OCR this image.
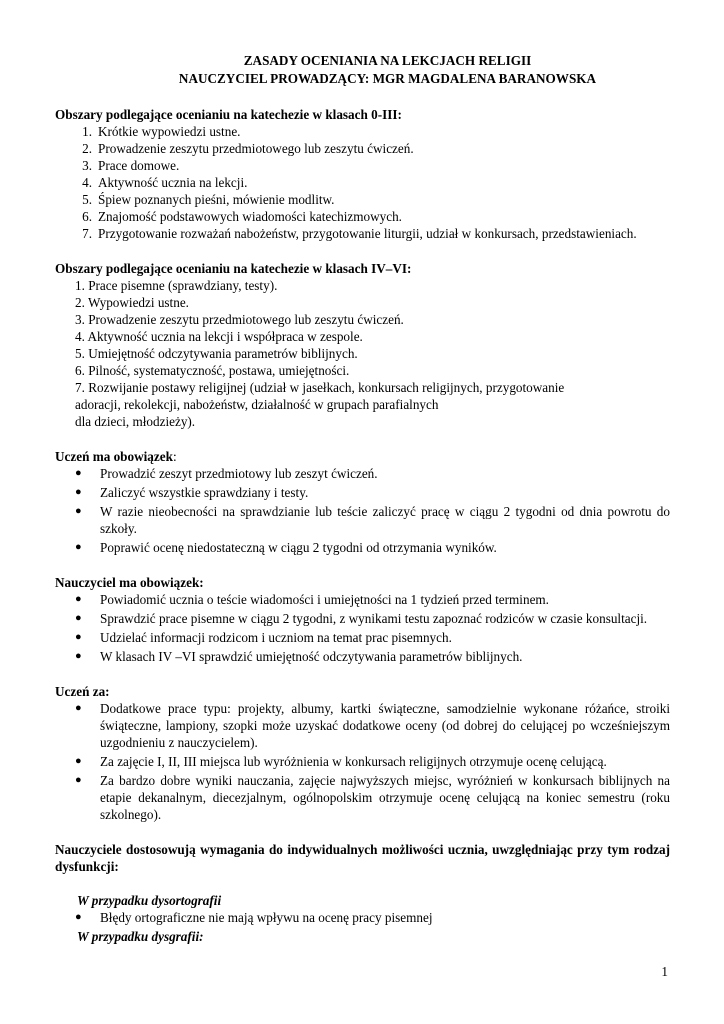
ZASADY OCENIANIA NA LEKCJACH RELIGII
NAUCZYCIEL PROWADZĄCY: MGR MAGDALENA BARANOWSKA
Obszary podlegające ocenianiu na katechezie w klasach 0-III:
1. Krótkie wypowiedzi ustne.
2. Prowadzenie zeszytu przedmiotowego lub zeszytu ćwiczeń.
3. Prace domowe.
4. Aktywność ucznia na lekcji.
5. Śpiew poznanych pieśni, mówienie modlitw.
6. Znajomość podstawowych wiadomości katechizmowych.
7. Przygotowanie rozważań nabożeństw, przygotowanie liturgii, udział w konkursach, przedstawieniach.
Obszary podlegające ocenianiu na katechezie w klasach IV–VI:
1. Prace pisemne (sprawdziany, testy).
2. Wypowiedzi ustne.
3. Prowadzenie zeszytu przedmiotowego lub zeszytu ćwiczeń.
4. Aktywność ucznia na lekcji i współpraca w zespole.
5. Umiejętność odczytywania parametrów biblijnych.
6. Pilność, systematyczność, postawa, umiejętności.
7. Rozwijanie postawy religijnej (udział w jasełkach, konkursach religijnych, przygotowanie
adoracji, rekolekcji, nabożeństw, działalność w grupach parafialnych
dla dzieci, młodzieży).
Uczeń ma obowiązek:
●	Prowadzić zeszyt przedmiotowy lub zeszyt ćwiczeń.
●	Zaliczyć wszystkie sprawdziany i testy.
●	W razie nieobecności na sprawdzianie lub teście zaliczyć pracę w ciągu 2 tygodni od dnia powrotu do szkoły.
●	Poprawić ocenę niedostateczną w ciągu 2 tygodni od otrzymania wyników.
Nauczyciel ma obowiązek:
●	Powiadomić ucznia o teście wiadomości i umiejętności na 1 tydzień przed terminem.
●	Sprawdzić prace pisemne w ciągu 2 tygodni, z wynikami testu zapoznać rodziców w czasie konsultacji.
●	Udzielać informacji rodzicom i uczniom na temat prac pisemnych.
●	W klasach IV –VI sprawdzić umiejętność odczytywania parametrów biblijnych.
Uczeń za:
●	Dodatkowe prace typu: projekty, albumy, kartki świąteczne, samodzielnie wykonane różańce, stroiki świąteczne, lampiony, szopki może uzyskać dodatkowe oceny (od dobrej do celującej po wcześniejszym uzgodnieniu z nauczycielem).
●	Za zajęcie I, II, III miejsca lub wyróżnienia w konkursach religijnych otrzymuje ocenę celującą.
●	Za bardzo dobre wyniki nauczania, zajęcie najwyższych miejsc, wyróżnień w konkursach biblijnych na etapie dekanalnym, diecezjalnym, ogólnopolskim otrzymuje ocenę celującą na koniec semestru (roku szkolnego).
Nauczyciele dostosowują wymagania do indywidualnych możliwości ucznia, uwzględniając przy tym rodzaj dysfunkcji:
W przypadku dysortografii
●	Błędy ortograficzne nie mają wpływu na ocenę pracy pisemnej
W przypadku dysgrafii:
1
